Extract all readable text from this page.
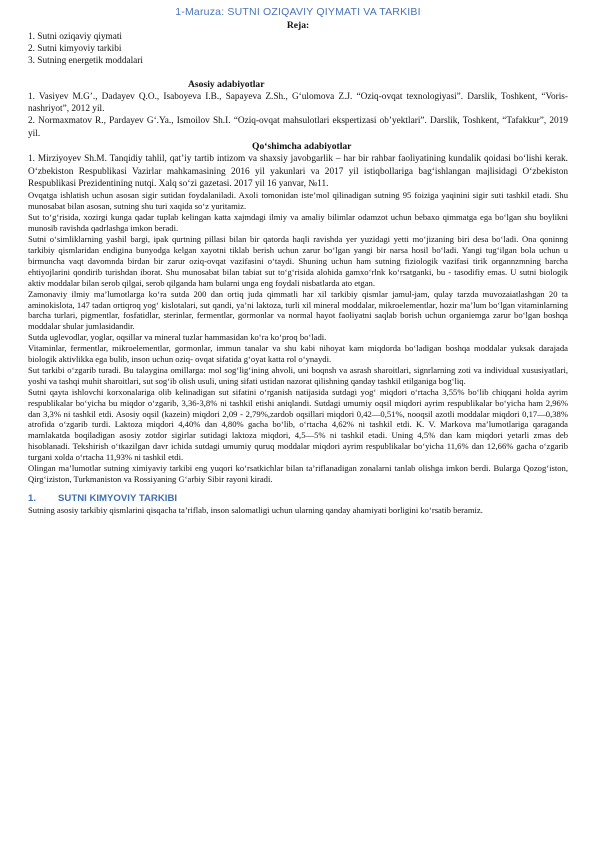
1-Maruza: SUTNI OZIQAVIY QIYMATI VA TARKIBI
Reja:
1. Sutni oziqaviy qiymati
2. Sutni kimyoviy tarkibi
3. Sutning energetik moddalari
Asosiy adabiyotlar
1. Vasiyev M.G’., Dadayev Q.O., Isaboyeva I.B., Sapayeva Z.Sh., G‘ulomova Z.J. “Oziq-ovqat texnologiyasi”. Darslik, Toshkent, “Voris-nashriyot”, 2012 yil.
2. Normaxmatov R., Pardayev G‘.Ya., Ismoilov Sh.I. “Oziq-ovqat mahsulotlari ekspertizasi ob’yektlari”. Darslik, Toshkent, “Tafakkur”, 2019 yil.
Qo‘shimcha adabiyotlar
1. Mirziyoyev Sh.M. Tanqidiy tahlil, qat’iy tartib intizom va shaxsiy javobgarlik – har bir rahbar faoliyatining kundalik qoidasi bo‘lishi kerak. O‘zbekiston Respublikasi Vazirlar mahkamasining 2016 yil yakunlari va 2017 yil istiqbollariga bag‘ishlangan majlisidagi O‘zbekiston Respublikasi Prezidentining nutqi. Xalq so‘zi gazetasi. 2017 yil 16 yanvar, №11.

Ovqatga ishlatish uchun asosan sigir sutidan foydalaniladi. Axoli tomonidan iste’mol qilinadigan sutning 95 foiziga yaqinini sigir suti tashkil etadi. Shu munosabat bilan asosan, sutning shu turi xaqida so‘z yuritamiz.

Sut to‘g‘risida, xozirgi kunga qadar tuplab kelingan katta xajmdagi ilmiy va amaliy bilimlar odamzot uchun bebaxo qimmatga ega bo‘lgan shu boylikni munosib ravishda qadrlashga imkon beradi.

Sutni o‘simliklarning yashil bargi, ipak qurtning pillasi bilan bir qatorda haqli ravishda yer yuzidagi yetti mo‘jizaning biri desa bo‘ladi. Ona qoninng tarkibiy qismlaridan endigina bunyodga kelgan xayotni tiklab berish uchun zarur bo‘lgan yangi bir narsa hosil bo‘ladi. Yangi tug‘ilgan bola uchun u birmuncha vaqt davomnda birdan bir zarur oziq-ovqat vazifasini o‘taydi. Shuning uchun ham sutning fiziologik vazifasi tirik organnzmning barcha ehtiyojlarini qondirib turishdan iborat. Shu munosabat bilan tabiat sut to‘g‘risida alohida gamxo‘rlnk ko‘rsatganki, bu - tasodifiy emas. U sutni biologik aktiv moddalar bilan serob qilgai, serob qilganda ham bularni unga eng foydali nisbatlarda ato etgan.

Zamonaviy ilmiy ma’lumotlarga ko‘ra sutda 200 dan ortiq juda qimmatli har xil tarkibiy qismlar jamul-jam, qulay tarzda muvozaiatlashgan 20 ta aminokislota, 147 tadan ortiqroq yog‘ kislotalari, sut qandi, ya’ni laktoza, turli xil mineral moddalar, mikroelementlar, hozir ma’lum bo‘lgan vitaminlarning barcha turlari, pigmentlar, fosfatidlar, sterinlar, fermentlar, gormonlar va normal hayot faoliyatni saqlab borish uchun organiemga zarur bo‘lgan boshqa moddalar shular jumlasidandir.

Sutda uglevodlar, yoglar, oqsillar va mineral tuzlar hammasidan ko‘ra ko‘proq bo‘ladi.

Vitaminlar, fermentlar, mikroelementlar, gormonlar, immun tanalar va shu kabi nihoyat kam miqdorda bo‘ladigan boshqa moddalar yuksak darajada biologik aktivlikka ega bulib, inson uchun oziq- ovqat sifatida g‘oyat katta rol o‘ynaydi.

Sut tarkibi o‘zgarib turadi. Bu talaygina omillarga: mol sog‘lig‘ining ahvoli, uni boqnsh va asrash sharoitlari, signrlarning zoti va individual xususiyatlari, yoshi va tashqi muhit sharoitlari, sut sog‘ib olish usuli, uning sifati ustidan nazorat qilishning qanday tashkil etilganiga bog‘liq.

Sutni qayta ishlovchi korxonalariga olib kelinadigan sut sifatini o‘rganish natijasida sutdagi yog‘ miqdori o‘rtacha 3,55% bo‘lib chiqqani holda ayrim respublikalar bo‘yicha bu miqdor o‘zgarib, 3,36-3,8% ni tashkil etishi aniqlandi. Sutdagi umumiy oqsil miqdori ayrim respublikalar bo‘yicha ham 2,96% dan 3,3% ni tashkil etdi. Asosiy oqsil (kazein) miqdori 2,09 - 2,79%,zardob oqsillari miqdori 0,42—0,51%, nooqsil azotli moddalar miqdori 0,17—0,38% atrofida o‘zgarib turdi. Laktoza miqdori 4,40% dan 4,80% gacha bo‘lib, o‘rtacha 4,62% ni tashkil etdi. K. V. Markova ma’lumotlariga qaraganda mamlakatda boqiladigan asosiy zotdor sigirlar sutidagi laktoza miqdori, 4,5—5% ni tashkil etadi. Uning 4,5% dan kam miqdori yetarli zmas deb hisoblanadi. Tekshirish o‘tkazilgan davr ichida sutdagi umumiy quruq moddalar miqdori ayrim respublikalar bo‘yicha 11,6% dan 12,66% gacha o‘zgarib turgani xolda o‘rtacha 11,93% ni tashkil etdi.

Olingan ma’lumotlar sutning ximiyaviy tarkibi eng yuqori ko‘rsatkichlar bilan ta’riflanadigan zonalarni tanlab olishga imkon berdi. Bularga Qozog‘iston, Qirg‘iziston, Turkmaniston va Rossiyaning G‘arbiy Sibir rayoni kiradi.

1.	SUTNI KIMYOVIY TARKIBI

Sutning asosiy tarkibiy qismlarini qisqacha ta’riflab, inson salomatligi uchun ularning qanday ahamiyati borligini ko‘rsatib beramiz.
